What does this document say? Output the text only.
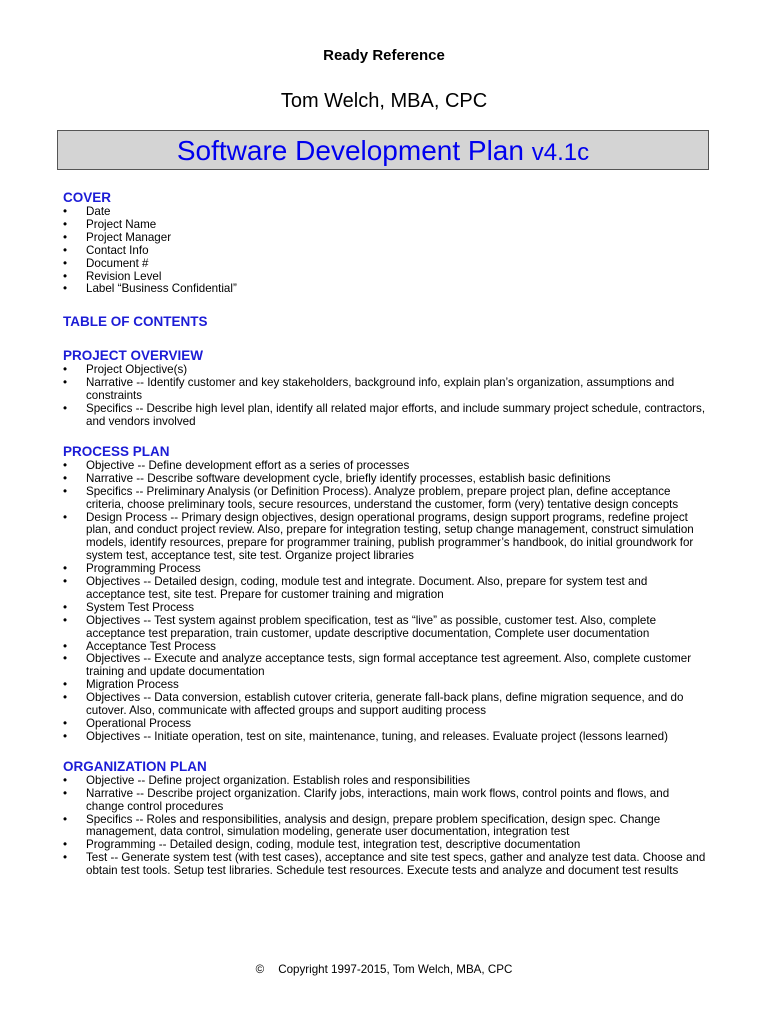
Ready Reference
Tom Welch, MBA, CPC
Software Development Plan v4.1c
COVER
• Date
• Project Name
• Project Manager
• Contact Info
• Document #
• Revision Level
• Label “Business Confidential”
TABLE OF CONTENTS
PROJECT OVERVIEW
• Project Objective(s)
• Narrative -- Identify customer and key stakeholders, background info, explain plan’s organization, assumptions and constraints
• Specifics -- Describe high level plan, identify all related major efforts, and include summary project schedule, contractors, and vendors involved
PROCESS PLAN
• Objective -- Define development effort as a series of processes
• Narrative -- Describe software development cycle, briefly identify processes, establish basic definitions
• Specifics -- Preliminary Analysis (or Definition Process). Analyze problem, prepare project plan, define acceptance criteria, choose preliminary tools, secure resources, understand the customer, form (very) tentative design concepts
• Design Process -- Primary design objectives, design operational programs, design support programs, redefine project plan, and conduct project review. Also, prepare for integration testing, setup change management, construct simulation models, identify resources, prepare for programmer training, publish programmer’s handbook, do initial groundwork for system test, acceptance test, site test. Organize project libraries
• Programming Process
• Objectives -- Detailed design, coding, module test and integrate. Document. Also, prepare for system test and acceptance test, site test. Prepare for customer training and migration
• System Test Process
• Objectives -- Test system against problem specification, test as “live” as possible, customer test. Also, complete acceptance test preparation, train customer, update descriptive documentation, Complete user documentation
• Acceptance Test Process
• Objectives -- Execute and analyze acceptance tests, sign formal acceptance test agreement. Also, complete customer training and update documentation
• Migration Process
• Objectives -- Data conversion, establish cutover criteria, generate fall-back plans, define migration sequence, and do cutover. Also, communicate with affected groups and support auditing process
• Operational Process
• Objectives -- Initiate operation, test on site, maintenance, tuning, and releases. Evaluate project (lessons learned)
ORGANIZATION PLAN
• Objective -- Define project organization. Establish roles and responsibilities
• Narrative -- Describe project organization. Clarify jobs, interactions, main work flows, control points and flows, and change control procedures
• Specifics -- Roles and responsibilities, analysis and design, prepare problem specification, design spec. Change management, data control, simulation modeling, generate user documentation, integration test
• Programming -- Detailed design, coding, module test, integration test, descriptive documentation
• Test -- Generate system test (with test cases), acceptance and site test specs, gather and analyze test data. Choose and obtain test tools. Setup test libraries. Schedule test resources. Execute tests and analyze and document test results
© Copyright 1997-2015, Tom Welch, MBA, CPC
